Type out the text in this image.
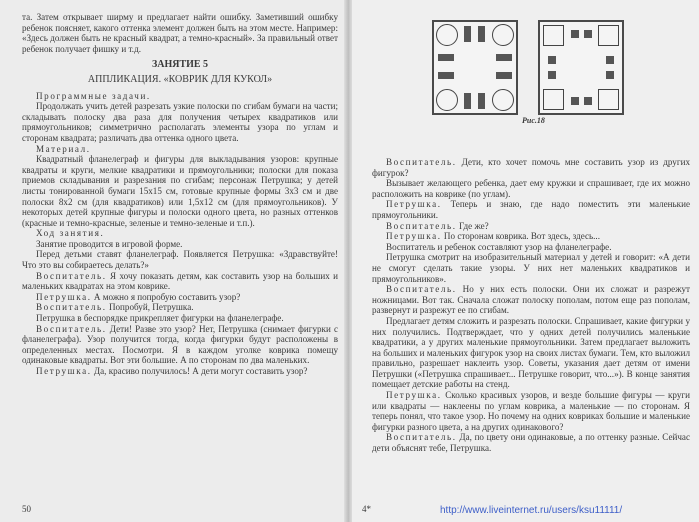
та. Затем открывает ширму и предлагает найти ошибку. Заметивший ошибку ребенок поясняет, какого оттенка элемент должен быть на этом месте. Например: «Здесь должен быть не красный квадрат, а темно-красный». За правильный ответ ребенок получает фишку и т.д.

ЗАНЯТИЕ 5
АППЛИКАЦИЯ. «КОВРИК ДЛЯ КУКОЛ»

Программные задачи.

Продолжать учить детей разрезать узкие полоски по сгибам бумаги на части; складывать полоску два раза для получения четырех квадратиков или прямоугольников; симметрично располагать элементы узора по углам и сторонам квадрата; различать два оттенка одного цвета.

Материал.

Квадратный фланелеграф и фигуры для выкладывания узоров: крупные квадраты и круги, мелкие квадратики и прямоугольники; полоски для показа приемов складывания и разрезания по сгибам; персонаж Петрушка; у детей листы тонированной бумаги 15x15 см, готовые крупные формы 3x3 см и две полоски 8x2 см (для квадратиков) или 1,5x12 см (для прямоугольников). У некоторых детей крупные фигуры и полоски одного цвета, но разных оттенков (красные и темно-красные, зеленые и темно-зеленые и т.п.).

Ход занятия.

Занятие проводится в игровой форме.

Перед детьми ставят фланелеграф. Появляется Петрушка: «Здравствуйте! Что это вы собираетесь делать?»

Воспитатель. Я хочу показать детям, как составить узор на больших и маленьких квадратах на этом коврике.

Петрушка. А можно я попробую составить узор?

Воспитатель. Попробуй, Петрушка.

Петрушка в беспорядке прикрепляет фигурки на фланелеграфе.

Воспитатель. Дети! Разве это узор? Нет, Петрушка (снимает фигурки с фланелеграфа). Узор получится тогда, когда фигурки будут расположены в определенных местах. Посмотри. Я в каждом уголке коврика помещу одинаковые квадраты. Вот эти большие. А по сторонам по два маленьких.

Петрушка. Да, красиво получилось! А дети могут составить узор?

50
Рис.18

Воспитатель. Дети, кто хочет помочь мне составить узор из других фигурок?

Вызывает желающего ребенка, дает ему кружки и спрашивает, где их можно расположить на коврике (по углам).

Петрушка. Теперь и знаю, где надо поместить эти маленькие прямоугольники.

Воспитатель. Где же?

Петрушка. По сторонам коврика. Вот здесь, здесь...

Воспитатель и ребенок составляют узор на фланелеграфе.

Петрушка смотрит на изобразительный материал у детей и говорит: «А дети не смогут сделать такие узоры. У них нет маленьких квадратиков и прямоугольников».

Воспитатель. Но у них есть полоски. Они их сложат и разрежут ножницами. Вот так. Сначала сложат полоску пополам, потом еще раз пополам, развернут и разрежут ее по сгибам.

Предлагает детям сложить и разрезать полоски. Спрашивает, какие фигурки у них получились. Подтверждает, что у одних детей получились маленькие квадратики, а у других маленькие прямоугольники. Затем предлагает выложить на больших и маленьких фигурок узор на своих листах бумаги. Тем, кто выложил правильно, разрешает наклеить узор. Советы, указания дает детям от имени Петрушки («Петрушка спрашивает... Петрушке говорит, что...»). В конце занятия помещает детские работы на стенд.

Петрушка. Сколько красивых узоров, и везде большие фигуры — круги или квадраты — наклеены по углам коврика, а маленькие — по сторонам. Я теперь понял, что такое узор. Но почему на одних ковриках большие и маленькие фигурки разного цвета, а на других одинакового?

Воспитатель. Да, по цвету они одинаковые, а по оттенку разные. Сейчас дети объяснят тебе, Петрушка.

4*	http://www.liveinternet.ru/users/ksu11111/
